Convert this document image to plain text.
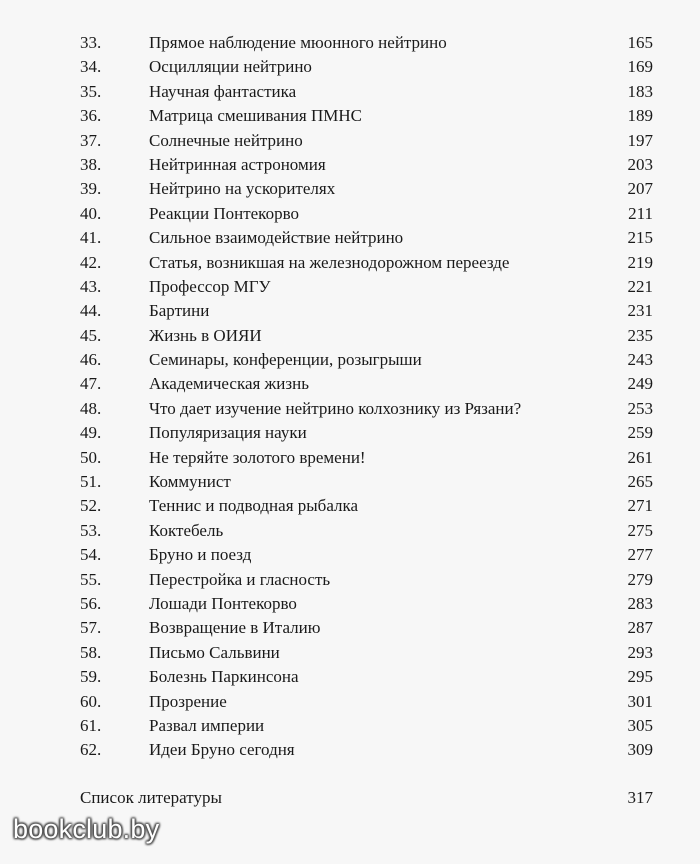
33.	Прямое наблюдение мюонного нейтрино	165
34.	Осцилляции нейтрино	169
35.	Научная фантастика	183
36.	Матрица смешивания ПМНС	189
37.	Солнечные нейтрино	197
38.	Нейтринная астрономия	203
39.	Нейтрино на ускорителях	207
40.	Реакции Понтекорво	211
41.	Сильное взаимодействие нейтрино	215
42.	Статья, возникшая на железнодорожном переезде	219
43.	Профессор МГУ	221
44.	Бартини	231
45.	Жизнь в ОИЯИ	235
46.	Семинары, конференции, розыгрыши	243
47.	Академическая жизнь	249
48.	Что дает изучение нейтрино колхознику из Рязани?	253
49.	Популяризация науки	259
50.	Не теряйте золотого времени!	261
51.	Коммунист	265
52.	Теннис и подводная рыбалка	271
53.	Коктебель	275
54.	Бруно и поезд	277
55.	Перестройка и гласность	279
56.	Лошади Понтекорво	283
57.	Возвращение в Италию	287
58.	Письмо Сальвини	293
59.	Болезнь Паркинсона	295
60.	Прозрение	301
61.	Развал империи	305
62.	Идеи Бруно сегодня	309
Список литературы	317
bookclub.by
